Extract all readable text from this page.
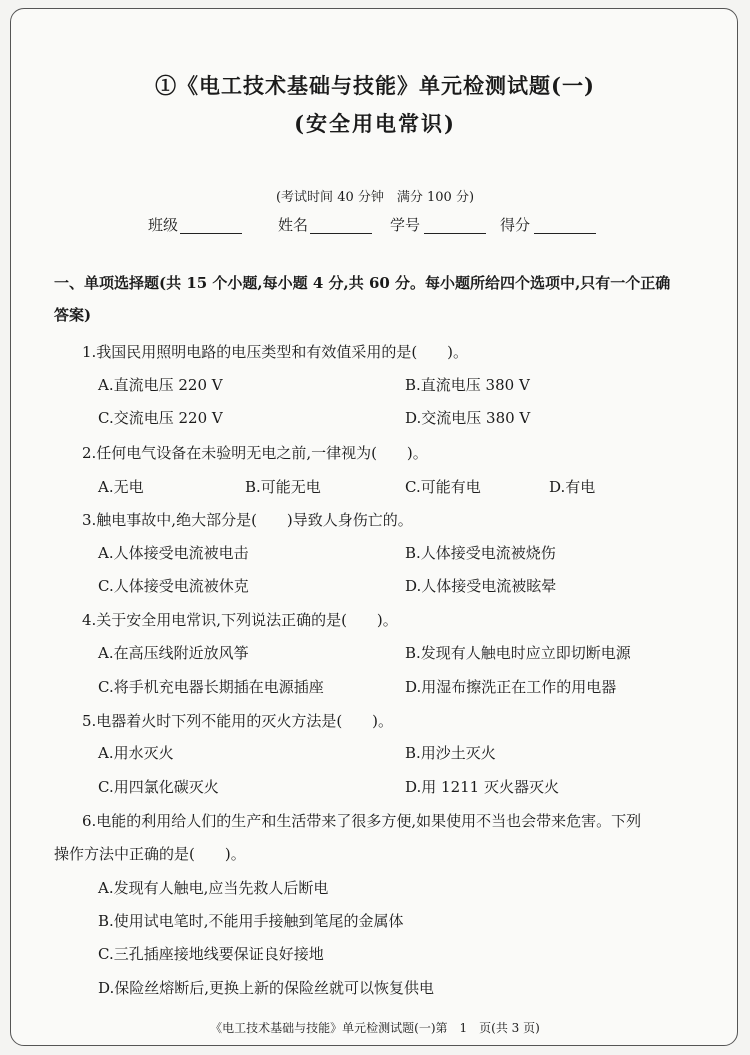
①《电工技术基础与技能》单元检测试题(一)
(安全用电常识)
(考试时间 40 分钟　满分 100 分)
班级	姓名	学号	得分
一、单项选择题(共 15 个小题,每小题 4 分,共 60 分。每小题所给四个选项中,只有一个正确
答案)
1.我国民用照明电路的电压类型和有效值采用的是(　　)。
A.直流电压 220 V	B.直流电压 380 V
C.交流电压 220 V	D.交流电压 380 V
2.任何电气设备在未验明无电之前,一律视为(　　)。
A.无电	B.可能无电	C.可能有电	D.有电
3.触电事故中,绝大部分是(　　)导致人身伤亡的。
A.人体接受电流被电击	B.人体接受电流被烧伤
C.人体接受电流被休克	D.人体接受电流被眩晕
4.关于安全用电常识,下列说法正确的是(　　)。
A.在高压线附近放风筝	B.发现有人触电时应立即切断电源
C.将手机充电器长期插在电源插座	D.用湿布擦洗正在工作的用电器
5.电器着火时下列不能用的灭火方法是(　　)。
A.用水灭火	B.用沙土灭火
C.用四氯化碳灭火	D.用 1211 灭火器灭火
6.电能的利用给人们的生产和生活带来了很多方便,如果使用不当也会带来危害。下列
操作方法中正确的是(　　)。
A.发现有人触电,应当先救人后断电
B.使用试电笔时,不能用手接触到笔尾的金属体
C.三孔插座接地线要保证良好接地
D.保险丝熔断后,更换上新的保险丝就可以恢复供电
《电工技术基础与技能》单元检测试题(一)第　1　页(共 3 页)
